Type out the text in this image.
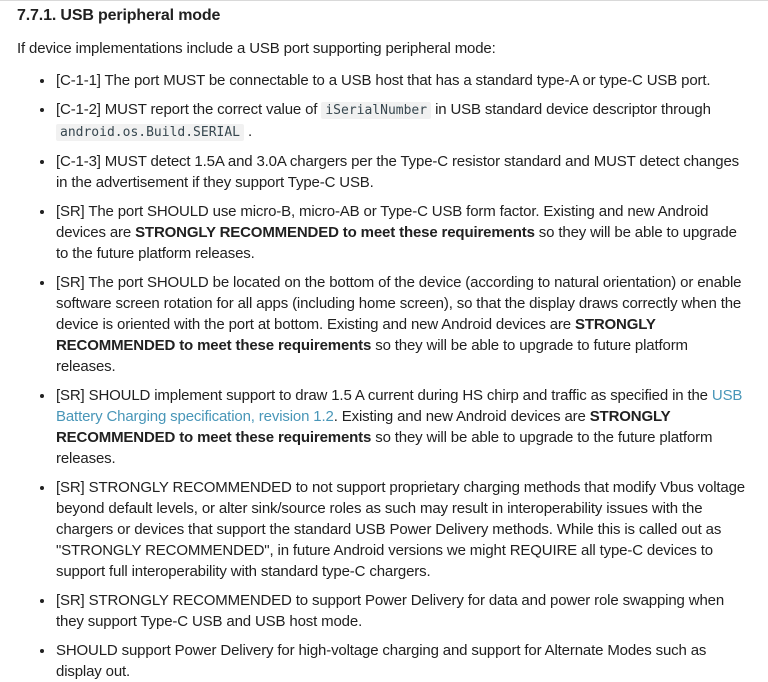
7.7.1. USB peripheral mode

If device implementations include a USB port supporting peripheral mode:

• [C-1-1] The port MUST be connectable to a USB host that has a standard type-A or type-C USB port.
• [C-1-2] MUST report the correct value of iSerialNumber in USB standard device descriptor through android.os.Build.SERIAL .
• [C-1-3] MUST detect 1.5A and 3.0A chargers per the Type-C resistor standard and MUST detect changes in the advertisement if they support Type-C USB.
• [SR] The port SHOULD use micro-B, micro-AB or Type-C USB form factor. Existing and new Android devices are STRONGLY RECOMMENDED to meet these requirements so they will be able to upgrade to the future platform releases.
• [SR] The port SHOULD be located on the bottom of the device (according to natural orientation) or enable software screen rotation for all apps (including home screen), so that the display draws correctly when the device is oriented with the port at bottom. Existing and new Android devices are STRONGLY RECOMMENDED to meet these requirements so they will be able to upgrade to future platform releases.
• [SR] SHOULD implement support to draw 1.5 A current during HS chirp and traffic as specified in the USB Battery Charging specification, revision 1.2. Existing and new Android devices are STRONGLY RECOMMENDED to meet these requirements so they will be able to upgrade to the future platform releases.
• [SR] STRONGLY RECOMMENDED to not support proprietary charging methods that modify Vbus voltage beyond default levels, or alter sink/source roles as such may result in interoperability issues with the chargers or devices that support the standard USB Power Delivery methods. While this is called out as "STRONGLY RECOMMENDED", in future Android versions we might REQUIRE all type-C devices to support full interoperability with standard type-C chargers.
• [SR] STRONGLY RECOMMENDED to support Power Delivery for data and power role swapping when they support Type-C USB and USB host mode.
• SHOULD support Power Delivery for high-voltage charging and support for Alternate Modes such as display out.
